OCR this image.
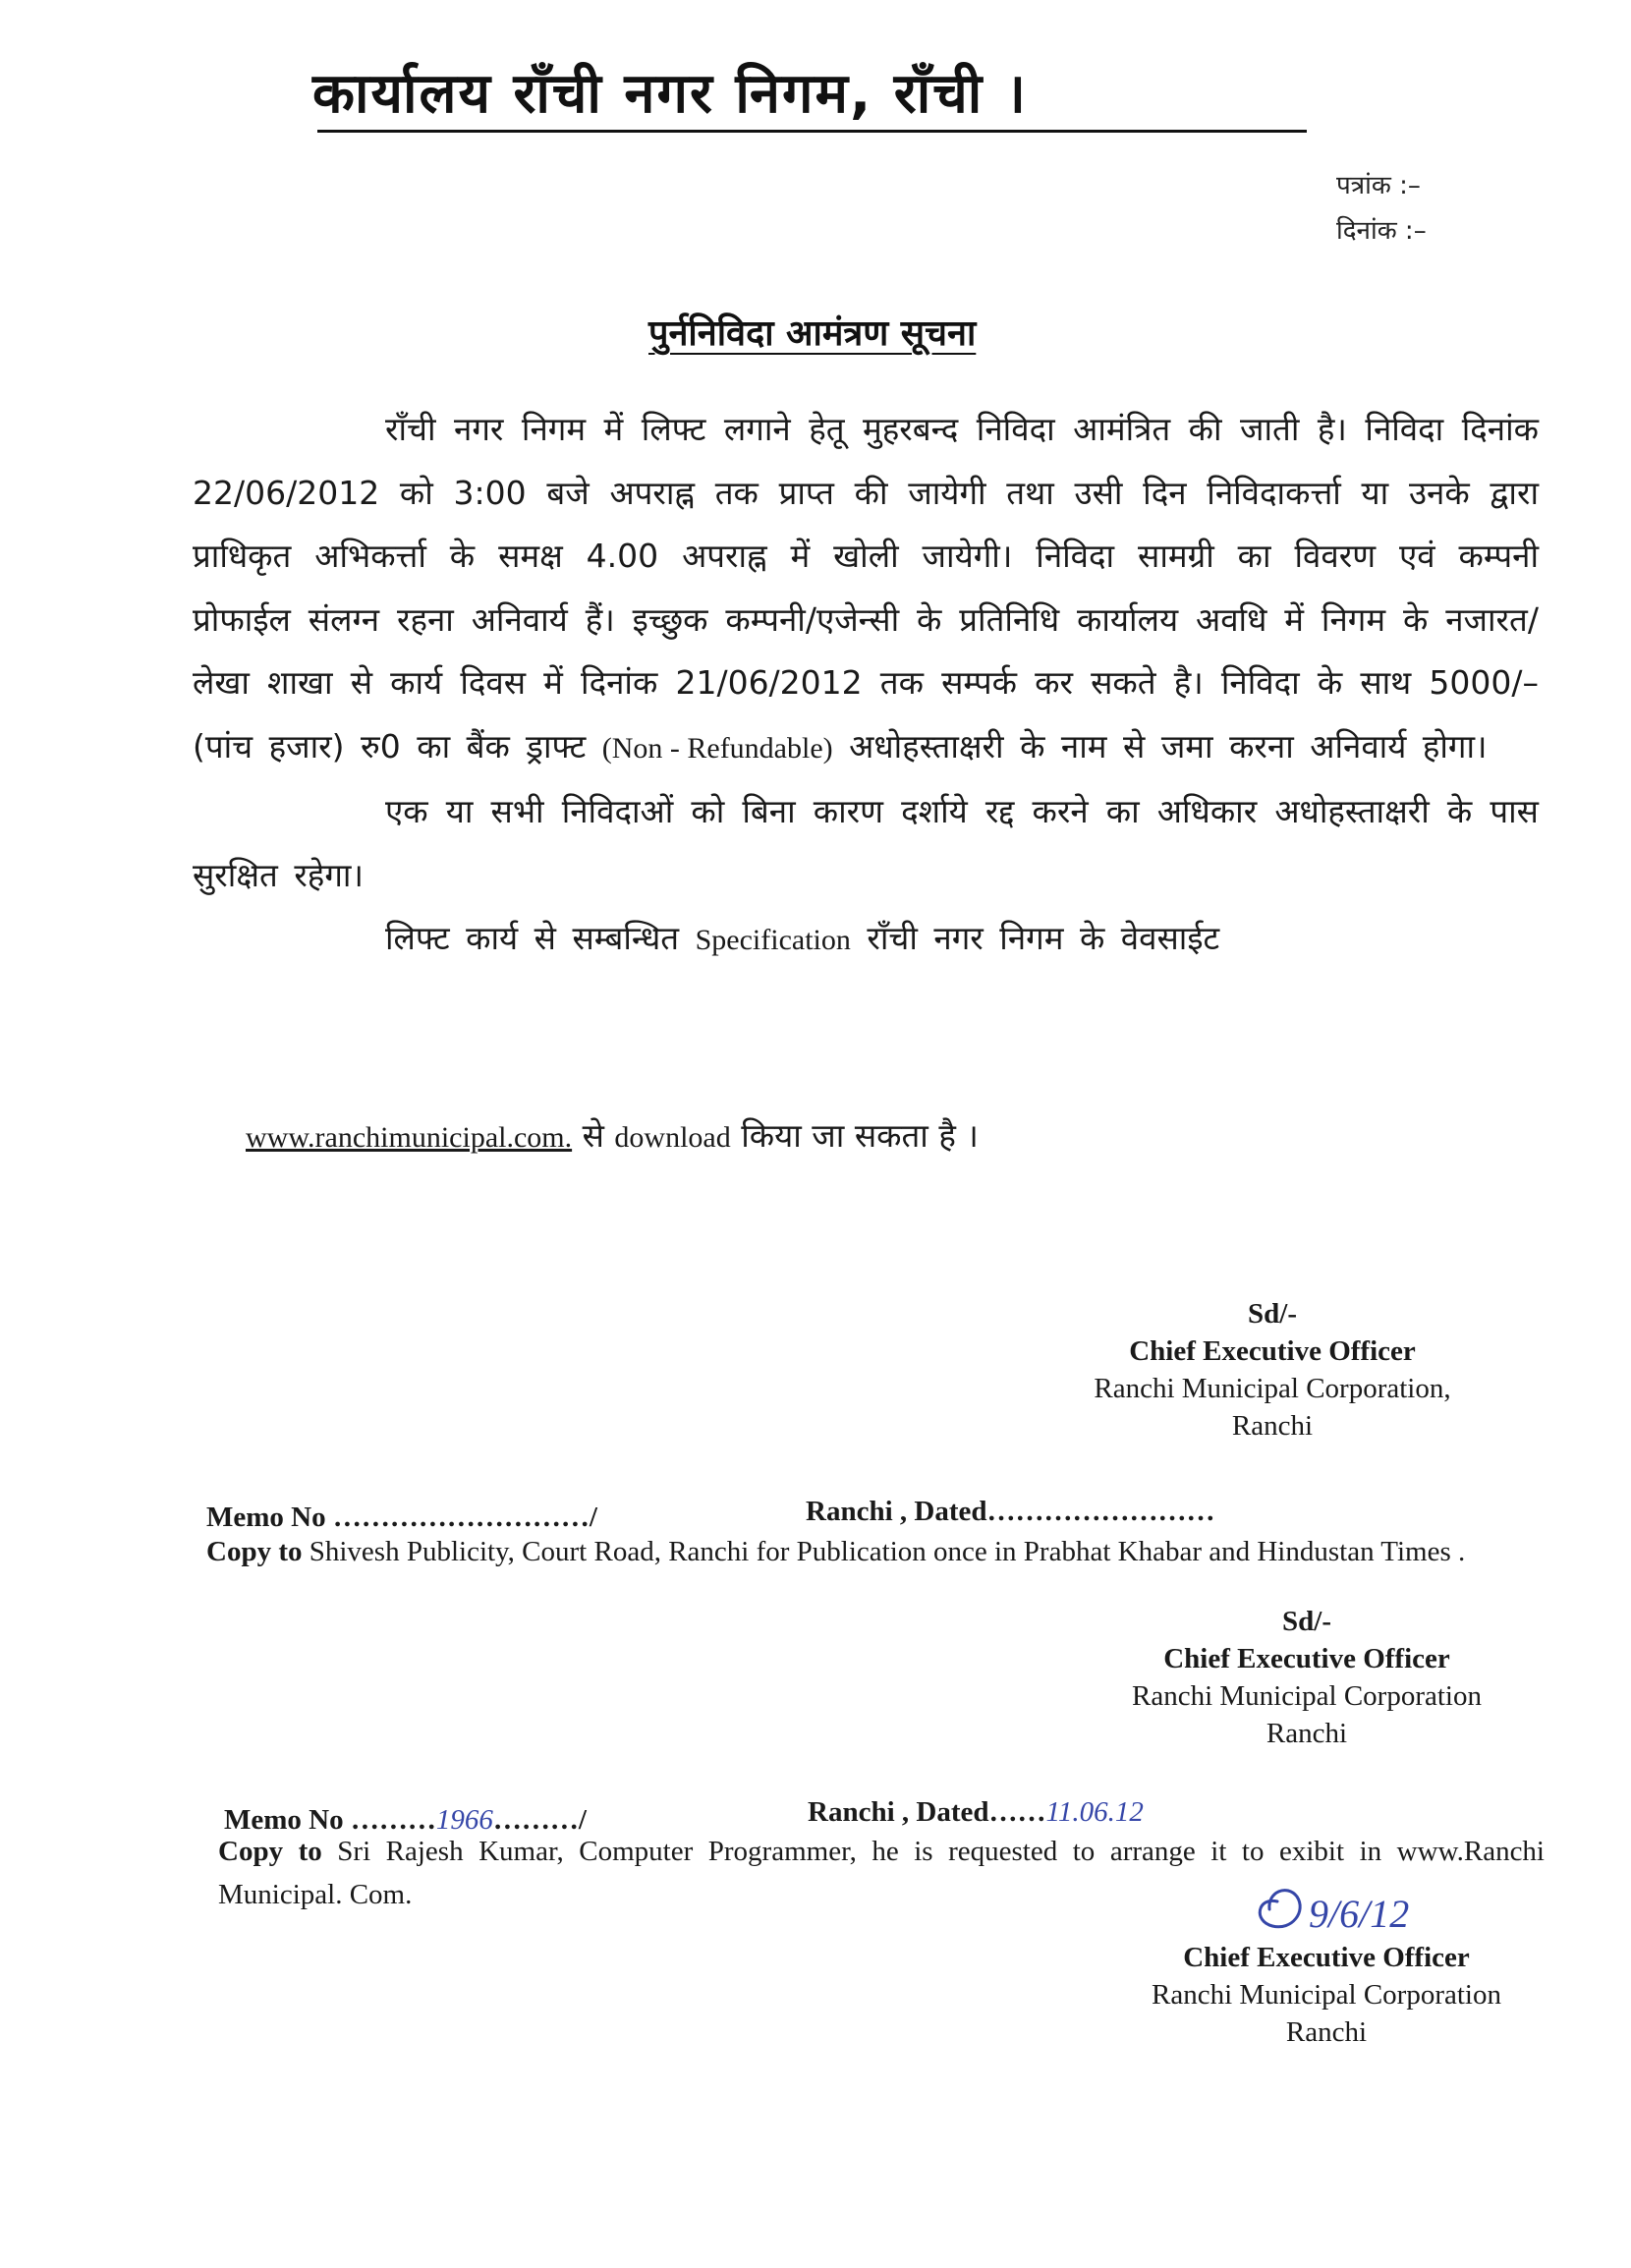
कार्यालय राँची नगर निगम, राँची ।
पत्रांक :–
दिनांक :–
पुर्ननिविदा आमंत्रण सूचना

राँची नगर निगम में लिफ्ट लगाने हेतू मुहरबन्द निविदा आमंत्रित की जाती है। निविदा दिनांक 22/06/2012 को 3:00 बजे अपराह्न तक प्राप्त की जायेगी तथा उसी दिन निविदाकर्त्ता या उनके द्वारा प्राधिकृत अभिकर्त्ता के समक्ष 4.00 अपराह्न में खोली जायेगी। निविदा सामग्री का विवरण एवं कम्पनी प्रोफाईल संलग्न रहना अनिवार्य हैं। इच्छुक कम्पनी/एजेन्सी के प्रतिनिधि कार्यालय अवधि में निगम के नजारत/लेखा शाखा से कार्य दिवस में दिनांक 21/06/2012 तक सम्पर्क कर सकते है। निविदा के साथ 5000/– (पांच हजार) रु0 का बैंक ड्राफ्ट (Non - Refundable) अधोहस्ताक्षरी के नाम से जमा करना अनिवार्य होगा।

एक या सभी निविदाओं को बिना कारण दर्शाये रद्द करने का अधिकार अधोहस्ताक्षरी के पास सुरक्षित रहेगा।

लिफ्ट कार्य से सम्बन्धित Specification राँची नगर निगम के वेवसाईट

www.ranchimunicipal.com. से download किया जा सकता है ।
Sd/-
Chief Executive Officer
Ranchi Municipal Corporation,
Ranchi
Memo No ………………………/	Ranchi , Dated……………………
Copy to Shivesh Publicity, Court Road, Ranchi for Publication once in Prabhat Khabar and Hindustan Times .
Sd/-
Chief Executive Officer
Ranchi Municipal Corporation
Ranchi
Memo No ………1966………/	Ranchi , Dated……11.06.12
Copy to Sri Rajesh Kumar, Computer Programmer, he is requested to arrange it to exibit in www.Ranchi Municipal. Com.	9/6/12
Chief Executive Officer
Ranchi Municipal Corporation
Ranchi
